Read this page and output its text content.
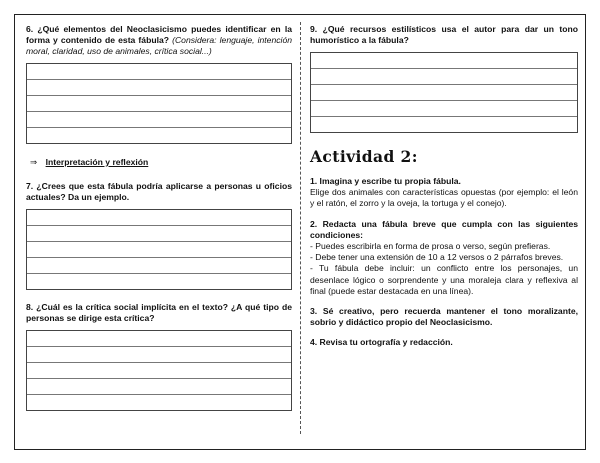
6. ¿Qué elementos del Neoclasicismo puedes identificar en la forma y contenido de esta fábula? (Considera: lenguaje, intención moral, claridad, uso de animales, crítica social...)

⇒ Interpretación y reflexión

7. ¿Crees que esta fábula podría aplicarse a personas u oficios actuales? Da un ejemplo.

8. ¿Cuál es la crítica social implícita en el texto? ¿A qué tipo de personas se dirige esta crítica?

9. ¿Qué recursos estilísticos usa el autor para dar un tono humorístico a la fábula?

Actividad 2:

1. Imagina y escribe tu propia fábula.

Elige dos animales con características opuestas (por ejemplo: el león y el ratón, el zorro y la oveja, la tortuga y el conejo).

2. Redacta una fábula breve que cumpla con las siguientes condiciones:

- Puedes escribirla en forma de prosa o verso, según prefieras.

- Debe tener una extensión de 10 a 12 versos o 2 párrafos breves.

- Tu fábula debe incluir: un conflicto entre los personajes, un desenlace lógico o sorprendente y una moraleja clara y reflexiva al final (puede estar destacada en una línea).

3. Sé creativo, pero recuerda mantener el tono moralizante, sobrio y didáctico propio del Neoclasicismo.

4. Revisa tu ortografía y redacción.
